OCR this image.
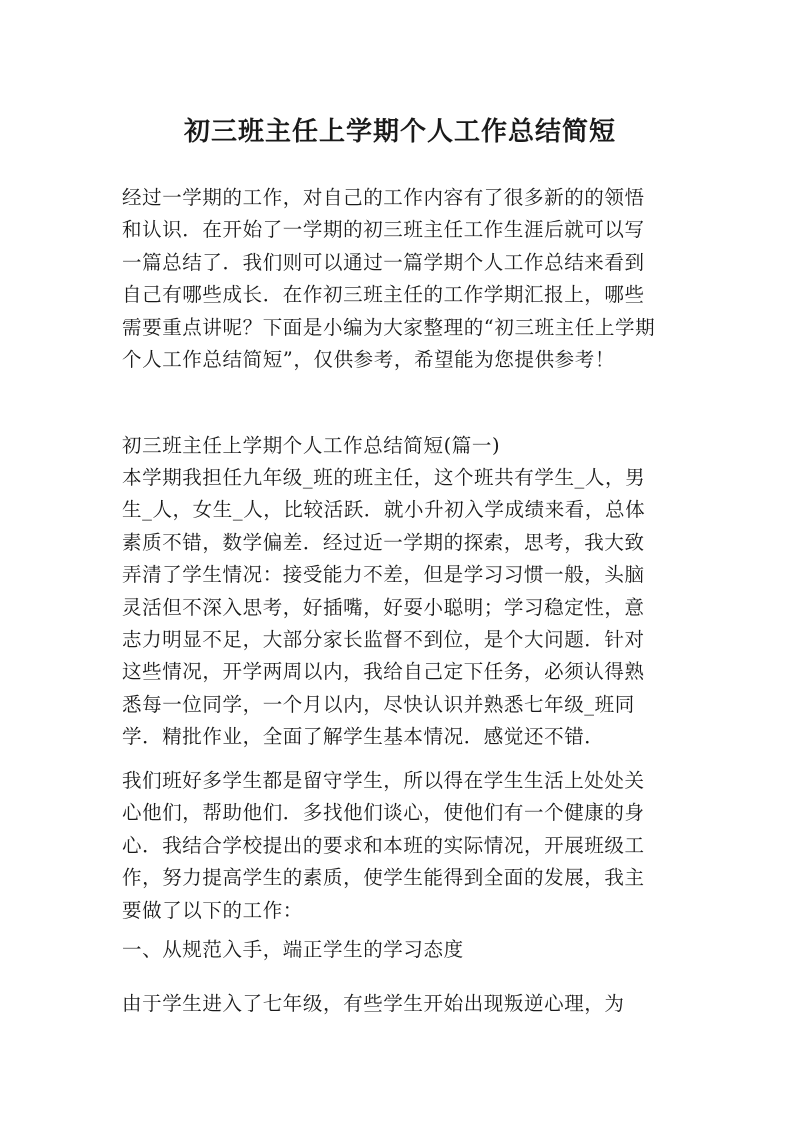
初三班主任上学期个人工作总结简短

经过一学期的工作，对自己的工作内容有了很多新的的领悟和认识．在开始了一学期的初三班主任工作生涯后就可以写一篇总结了．我们则可以通过一篇学期个人工作总结来看到自己有哪些成长．在作初三班主任的工作学期汇报上，哪些需要重点讲呢？下面是小编为大家整理的“初三班主任上学期个人工作总结简短”，仅供参考，希望能为您提供参考！

初三班主任上学期个人工作总结简短(篇一)

本学期我担任九年级_班的班主任，这个班共有学生_人，男生_人，女生_人，比较活跃．就小升初入学成绩来看，总体素质不错，数学偏差．经过近一学期的探索，思考，我大致弄清了学生情况：接受能力不差，但是学习习惯一般，头脑灵活但不深入思考，好插嘴，好耍小聪明；学习稳定性，意志力明显不足，大部分家长监督不到位，是个大问题．针对这些情况，开学两周以内，我给自己定下任务，必须认得熟悉每一位同学，一个月以内，尽快认识并熟悉七年级_班同学．精批作业，全面了解学生基本情况．感觉还不错．

我们班好多学生都是留守学生，所以得在学生生活上处处关心他们，帮助他们．多找他们谈心，使他们有一个健康的身心．我结合学校提出的要求和本班的实际情况，开展班级工作，努力提高学生的素质，使学生能得到全面的发展，我主要做了以下的工作：

一、从规范入手，端正学生的学习态度

由于学生进入了七年级，有些学生开始出现叛逆心理，为
